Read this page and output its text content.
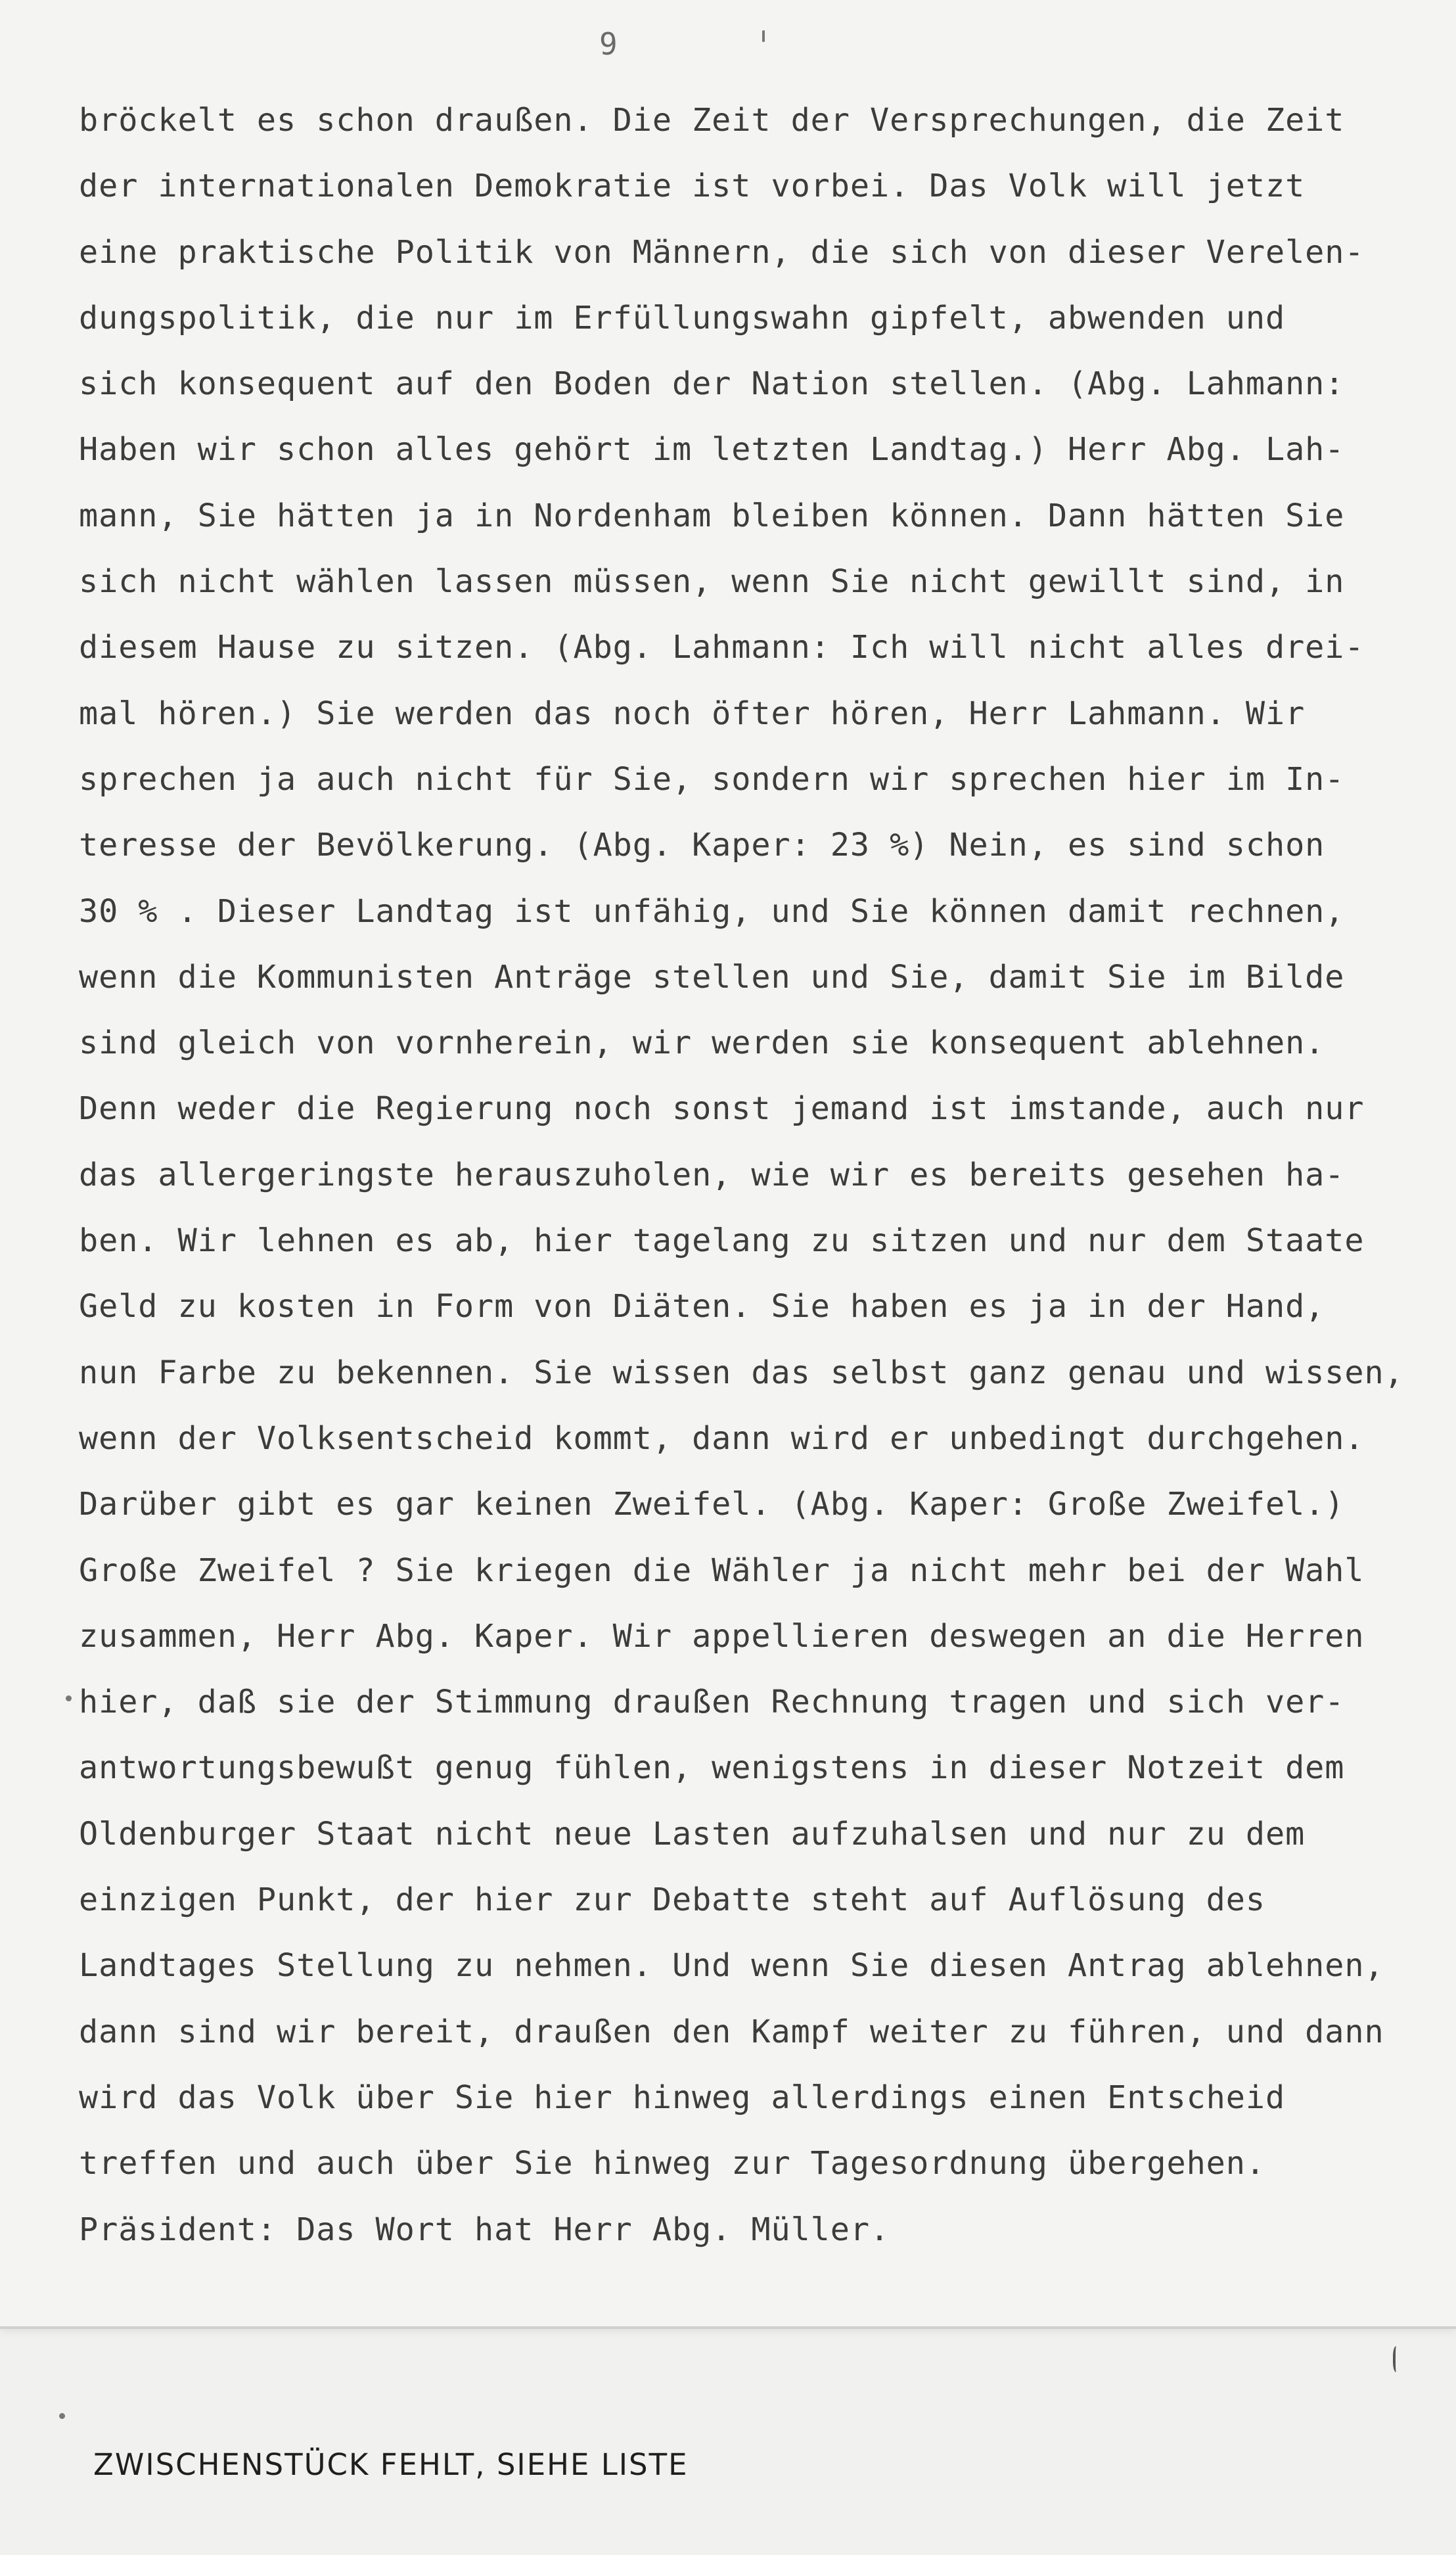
9
bröckelt es schon draußen. Die Zeit der Versprechungen, die Zeit
der internationalen Demokratie ist vorbei. Das Volk will jetzt
eine praktische Politik von Männern, die sich von dieser Verelen-
dungspolitik, die nur im Erfüllungswahn gipfelt, abwenden und
sich konsequent auf den Boden der Nation stellen. (Abg. Lahmann:
Haben wir schon alles gehört im letzten Landtag.) Herr Abg. Lah-
mann, Sie hätten ja in Nordenham bleiben können. Dann hätten Sie
sich nicht wählen lassen müssen, wenn Sie nicht gewillt sind, in
diesem Hause zu sitzen. (Abg. Lahmann: Ich will nicht alles drei-
mal hören.) Sie werden das noch öfter hören, Herr Lahmann. Wir
sprechen ja auch nicht für Sie, sondern wir sprechen hier im In-
teresse der Bevölkerung. (Abg. Kaper: 23 %) Nein, es sind schon
30 % . Dieser Landtag ist unfähig, und Sie können damit rechnen,
wenn die Kommunisten Anträge stellen und Sie, damit Sie im Bilde
sind gleich von vornherein, wir werden sie konsequent ablehnen.
Denn weder die Regierung noch sonst jemand ist imstande, auch nur
das allergeringste herauszuholen, wie wir es bereits gesehen ha-
ben. Wir lehnen es ab, hier tagelang zu sitzen und nur dem Staate
Geld zu kosten in Form von Diäten. Sie haben es ja in der Hand,
nun Farbe zu bekennen. Sie wissen das selbst ganz genau und wissen,
wenn der Volksentscheid kommt, dann wird er unbedingt durchgehen.
Darüber gibt es gar keinen Zweifel. (Abg. Kaper: Große Zweifel.)
Große Zweifel ? Sie kriegen die Wähler ja nicht mehr bei der Wahl
zusammen, Herr Abg. Kaper. Wir appellieren deswegen an die Herren
hier, daß sie der Stimmung draußen Rechnung tragen und sich ver-
antwortungsbewußt genug fühlen, wenigstens in dieser Notzeit dem
Oldenburger Staat nicht neue Lasten aufzuhalsen und nur zu dem
einzigen Punkt, der hier zur Debatte steht auf Auflösung des
Landtages Stellung zu nehmen. Und wenn Sie diesen Antrag ablehnen,
dann sind wir bereit, draußen den Kampf weiter zu führen, und dann
wird das Volk über Sie hier hinweg allerdings einen Entscheid
treffen und auch über Sie hinweg zur Tagesordnung übergehen.
Präsident: Das Wort hat Herr Abg. Müller.
ZWISCHENSTÜCK FEHLT, SIEHE LISTE
